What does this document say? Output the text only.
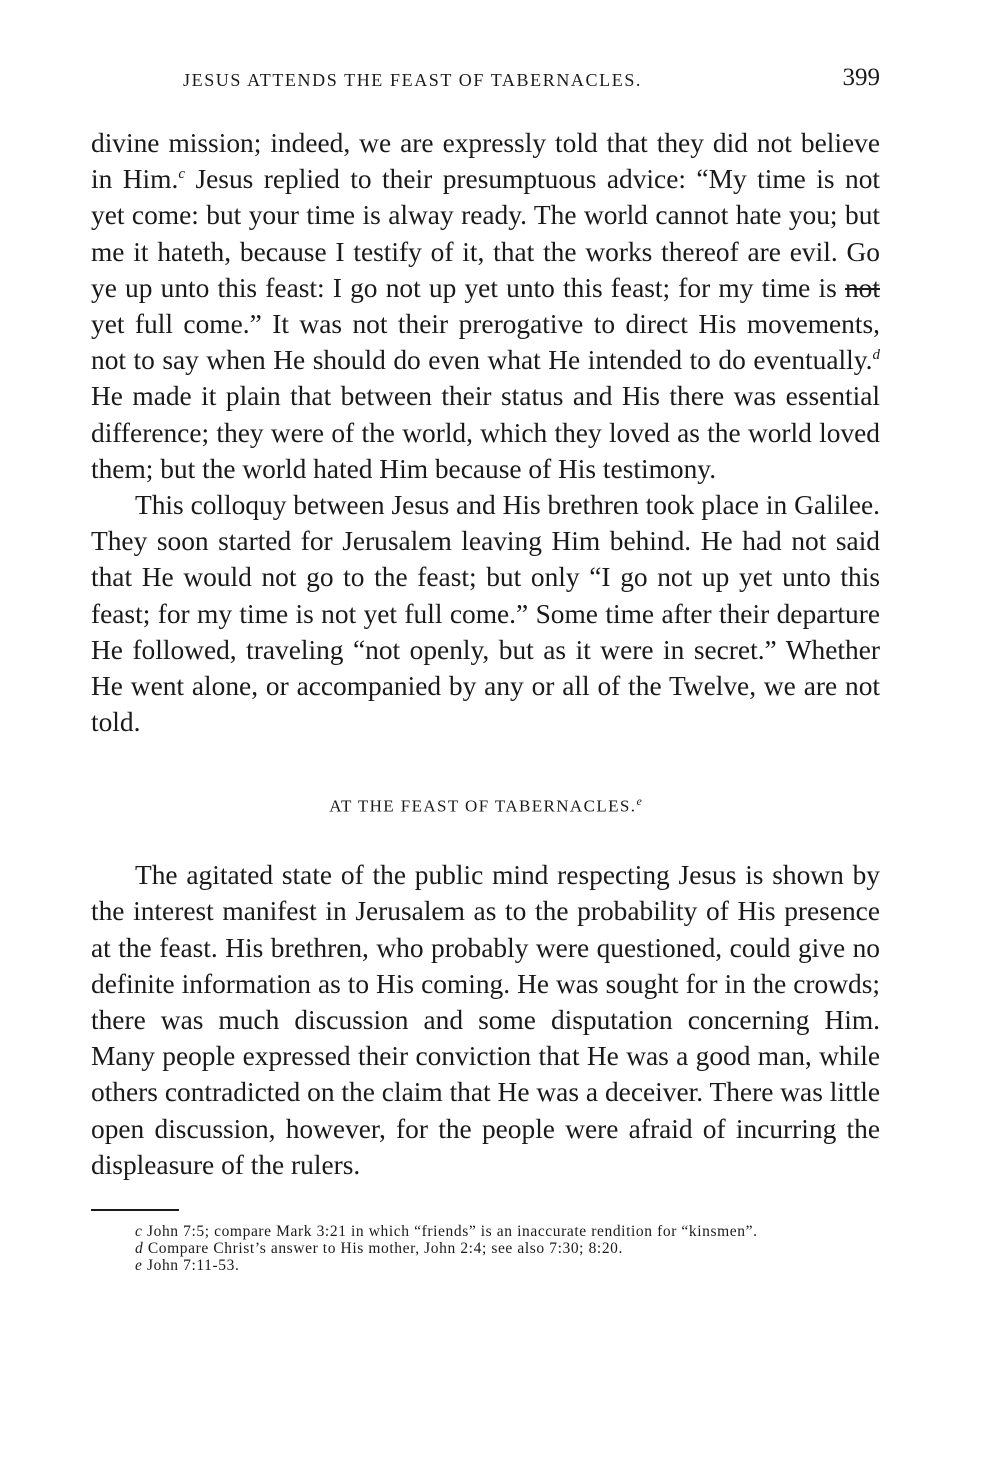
JESUS ATTENDS THE FEAST OF TABERNACLES.	399

divine mission; indeed, we are expressly told that they did not believe in Him.$^c$ Jesus replied to their presumptuous advice: “My time is not yet come: but your time is alway ready. The world cannot hate you; but me it hateth, because I testify of it, that the works thereof are evil. Go ye up unto this feast: I go not up yet unto this feast; for my time is not yet full come.” It was not their prerogative to direct His movements, not to say when He should do even what He intended to do eventually.$^d$ He made it plain that between their status and His there was essential difference; they were of the world, which they loved as the world loved them; but the world hated Him because of His testimony.

This colloquy between Jesus and His brethren took place in Galilee. They soon started for Jerusalem leaving Him behind. He had not said that He would not go to the feast; but only “I go not up yet unto this feast; for my time is not yet full come.” Some time after their departure He followed, traveling “not openly, but as it were in secret.” Whether He went alone, or accompanied by any or all of the Twelve, we are not told.

AT THE FEAST OF TABERNACLES.$^e$

The agitated state of the public mind respecting Jesus is shown by the interest manifest in Jerusalem as to the probability of His presence at the feast. His brethren, who probably were questioned, could give no definite information as to His coming. He was sought for in the crowds; there was much discussion and some disputation concerning Him. Many people expressed their conviction that He was a good man, while others contradicted on the claim that He was a deceiver. There was little open discussion, however, for the people were afraid of incurring the displeasure of the rulers.

c John 7:5; compare Mark 3:21 in which “friends” is an inaccurate rendition for “kinsmen”.

d Compare Christ’s answer to His mother, John 2:4; see also 7:30; 8:20.

e John 7:11-53.
